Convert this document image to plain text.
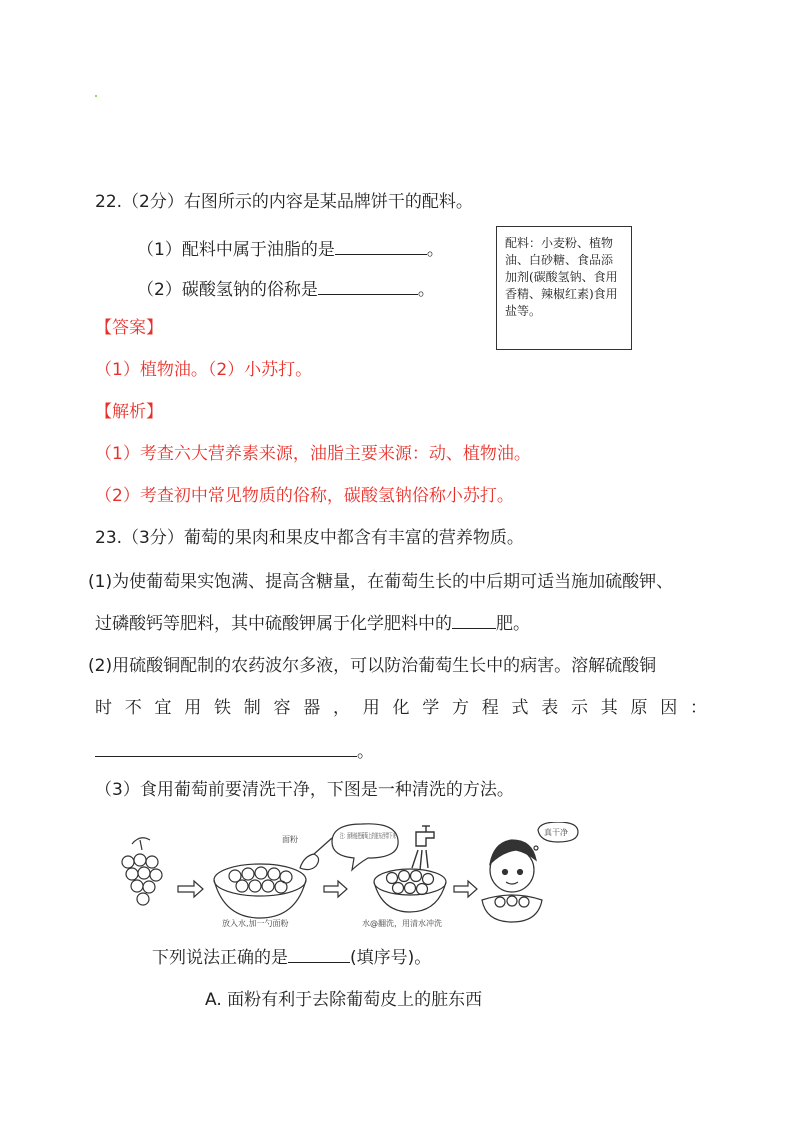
22.（2分）右图所示的内容是某品牌饼干的配料。
（1）配料中属于油脂的是	。
（2）碳酸氢钠的俗称是	。
配料：小麦粉、植物油、白砂糖、食品添加剂(碳酸氢钠、食用香精、辣椒红素)食用盐等。
【答案】
（1）植物油。（2）小苏打。
【解析】
（1）考查六大营养素来源，油脂主要来源：动、植物油。
（2）考查初中常见物质的俗称，碳酸氢钠俗称小苏打。
23.（3分）葡萄的果肉和果皮中都含有丰富的营养物质。
(1)为使葡萄果实饱满、提高含糖量，在葡萄生长的中后期可适当施加硫酸钾、
过磷酸钙等肥料，其中硫酸钾属于化学肥料中的	肥。
(2)用硫酸铜配制的农药波尔多液，可以防治葡萄生长中的病害。溶解硫酸铜
时 不 宜 用 铁 制 容 器 ， 用 化 学 方 程 式 表 示 其 原 因 ：
。
（3）食用葡萄前要清洗干净，下图是一种清洗的方法。
面粉
放入水,加一勺面粉
注：面粉能把葡萄上的脏东西带下来
水@翻洗，用清水冲洗
真干净
下列说法正确的是	(填序号)。
A. 面粉有利于去除葡萄皮上的脏东西
